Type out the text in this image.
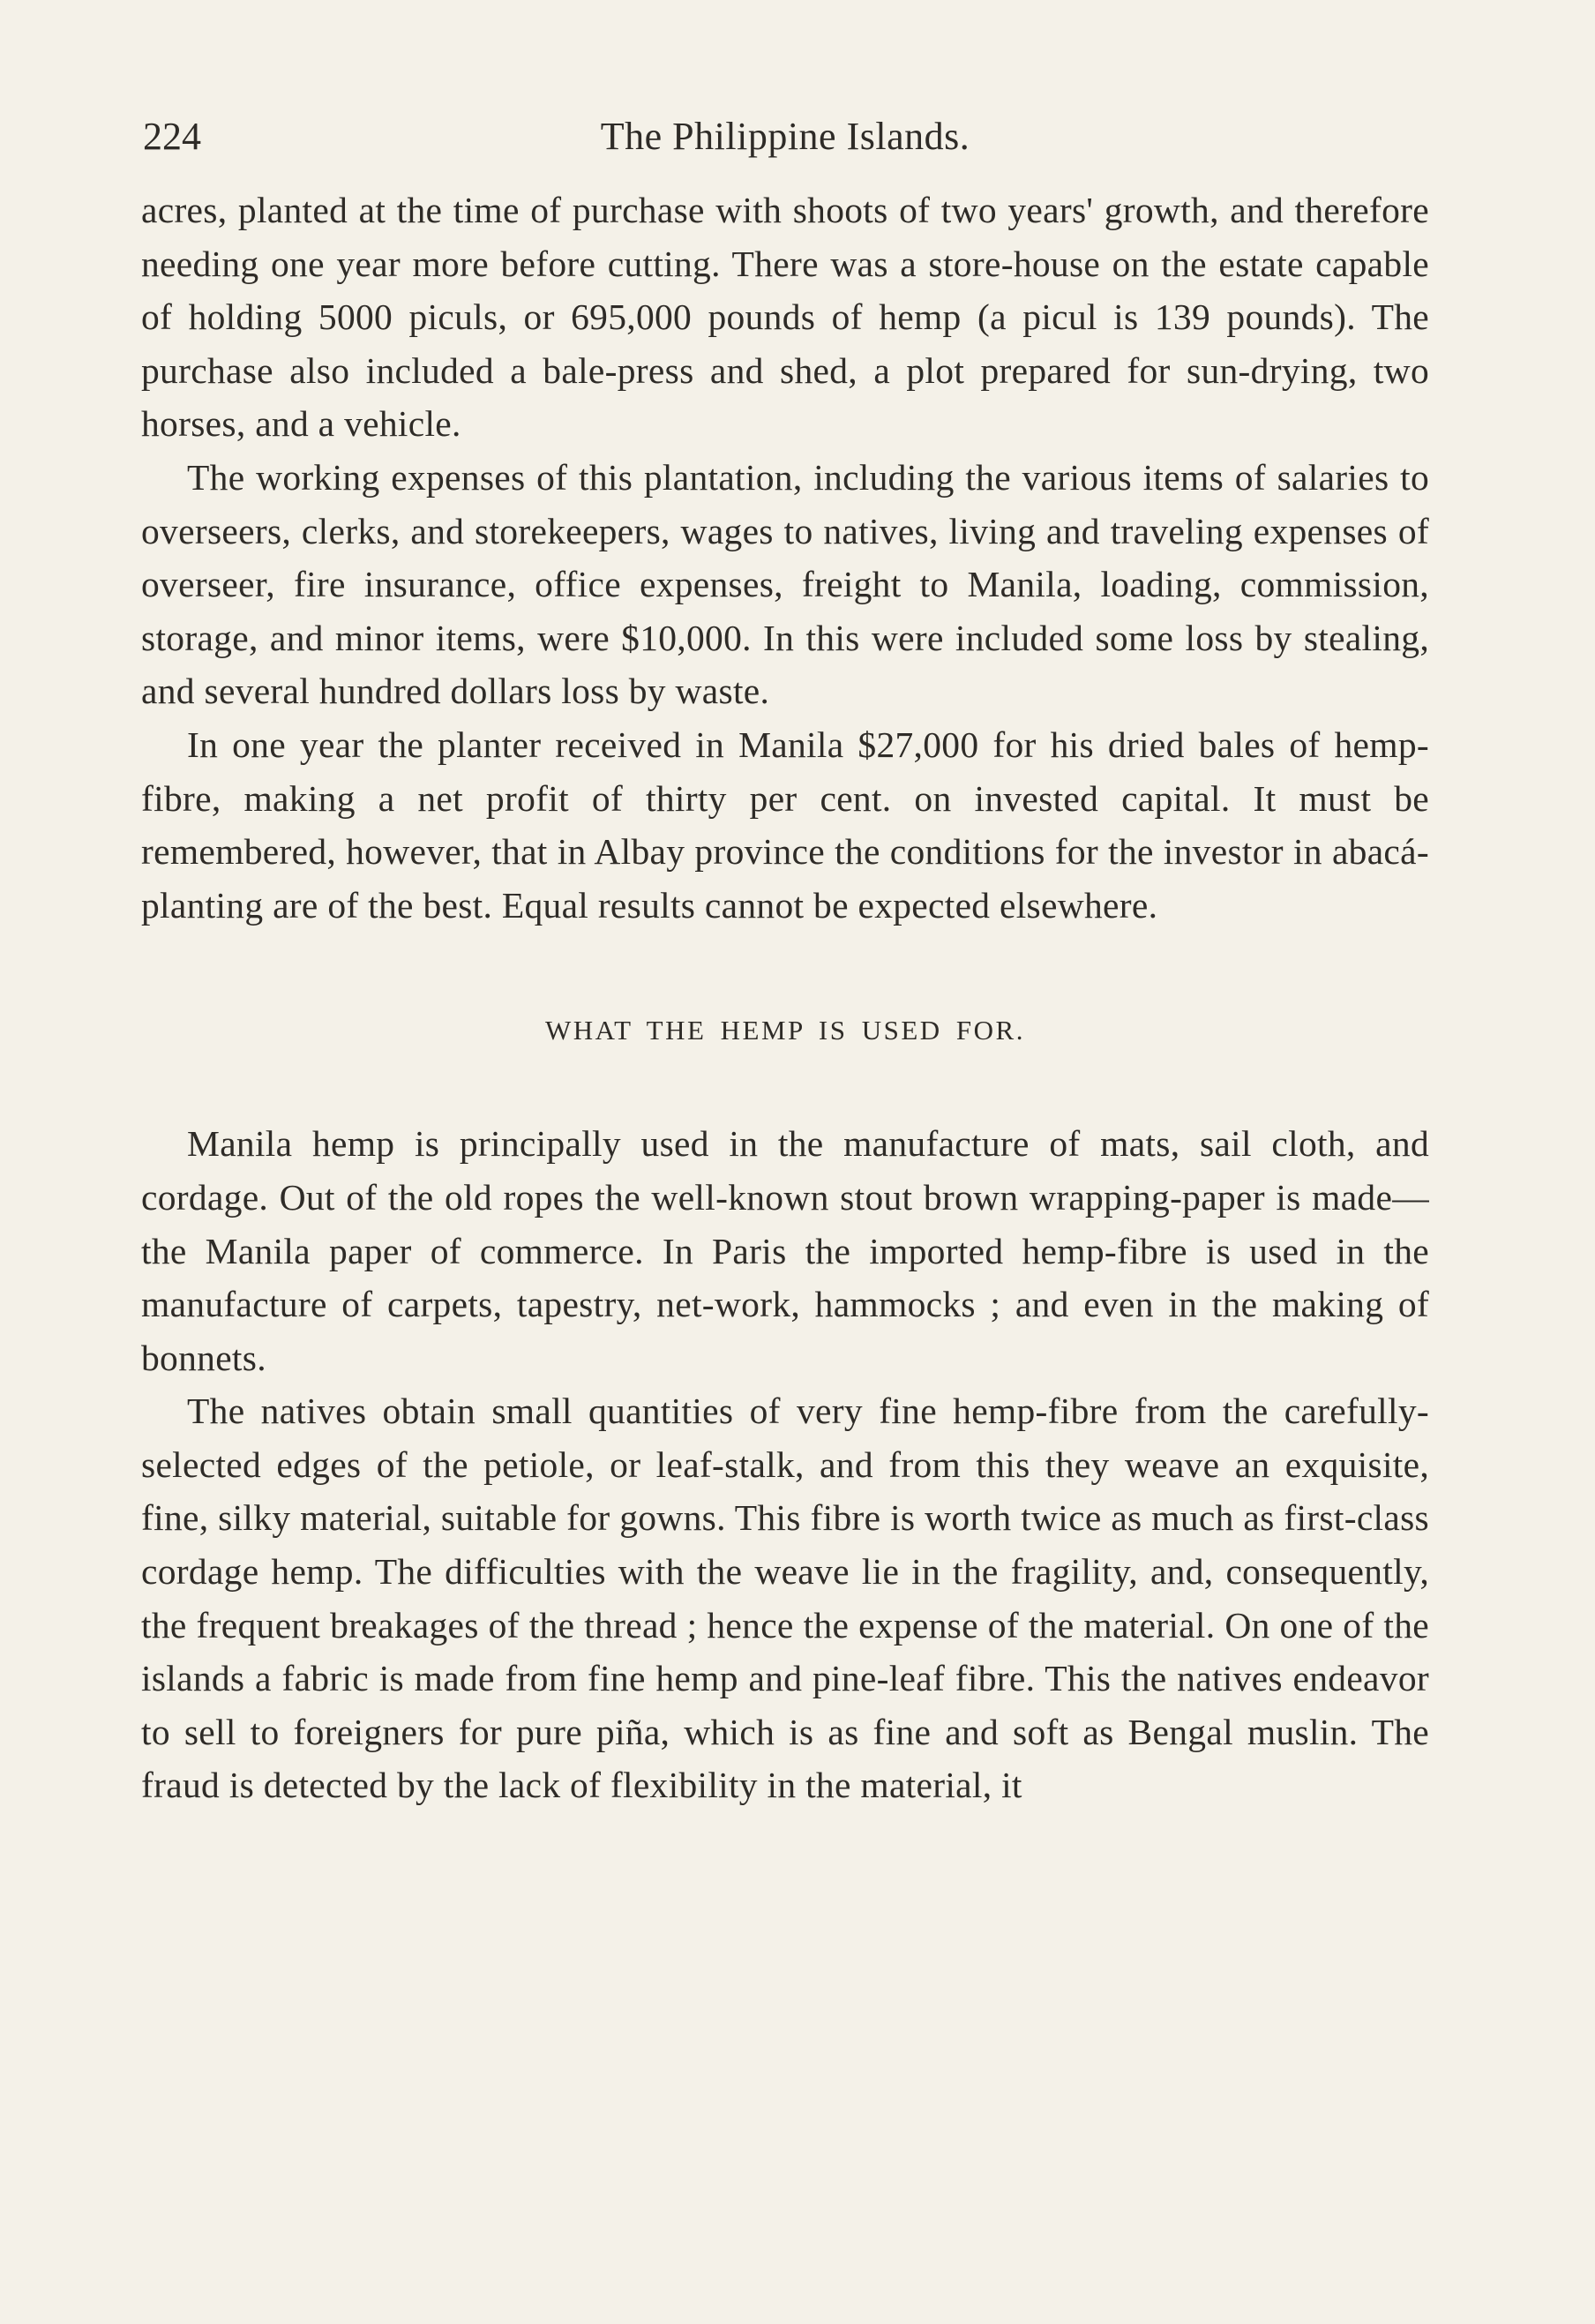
224	The Philippine Islands.

acres, planted at the time of purchase with shoots of two years' growth, and therefore needing one year more before cutting. There was a store-house on the estate capable of holding 5000 piculs, or 695,000 pounds of hemp (a picul is 139 pounds). The purchase also included a bale-press and shed, a plot prepared for sun-drying, two horses, and a vehicle.

The working expenses of this plantation, including the various items of salaries to overseers, clerks, and storekeepers, wages to natives, living and traveling expenses of overseer, fire insurance, office expenses, freight to Manila, loading, commission, storage, and minor items, were $10,000. In this were included some loss by stealing, and several hundred dollars loss by waste.

In one year the planter received in Manila $27,000 for his dried bales of hemp-fibre, making a net profit of thirty per cent. on invested capital. It must be remembered, however, that in Albay province the conditions for the investor in abacá-planting are of the best. Equal results cannot be expected elsewhere.

WHAT THE HEMP IS USED FOR.

Manila hemp is principally used in the manufacture of mats, sail cloth, and cordage. Out of the old ropes the well-known stout brown wrapping-paper is made—the Manila paper of commerce. In Paris the imported hemp-fibre is used in the manufacture of carpets, tapestry, net-work, hammocks ; and even in the making of bonnets.

The natives obtain small quantities of very fine hemp-fibre from the carefully-selected edges of the petiole, or leaf-stalk, and from this they weave an exquisite, fine, silky material, suitable for gowns. This fibre is worth twice as much as first-class cordage hemp. The difficulties with the weave lie in the fragility, and, consequently, the frequent breakages of the thread ; hence the expense of the material. On one of the islands a fabric is made from fine hemp and pine-leaf fibre. This the natives endeavor to sell to foreigners for pure piña, which is as fine and soft as Bengal muslin. The fraud is detected by the lack of flexibility in the material, it
